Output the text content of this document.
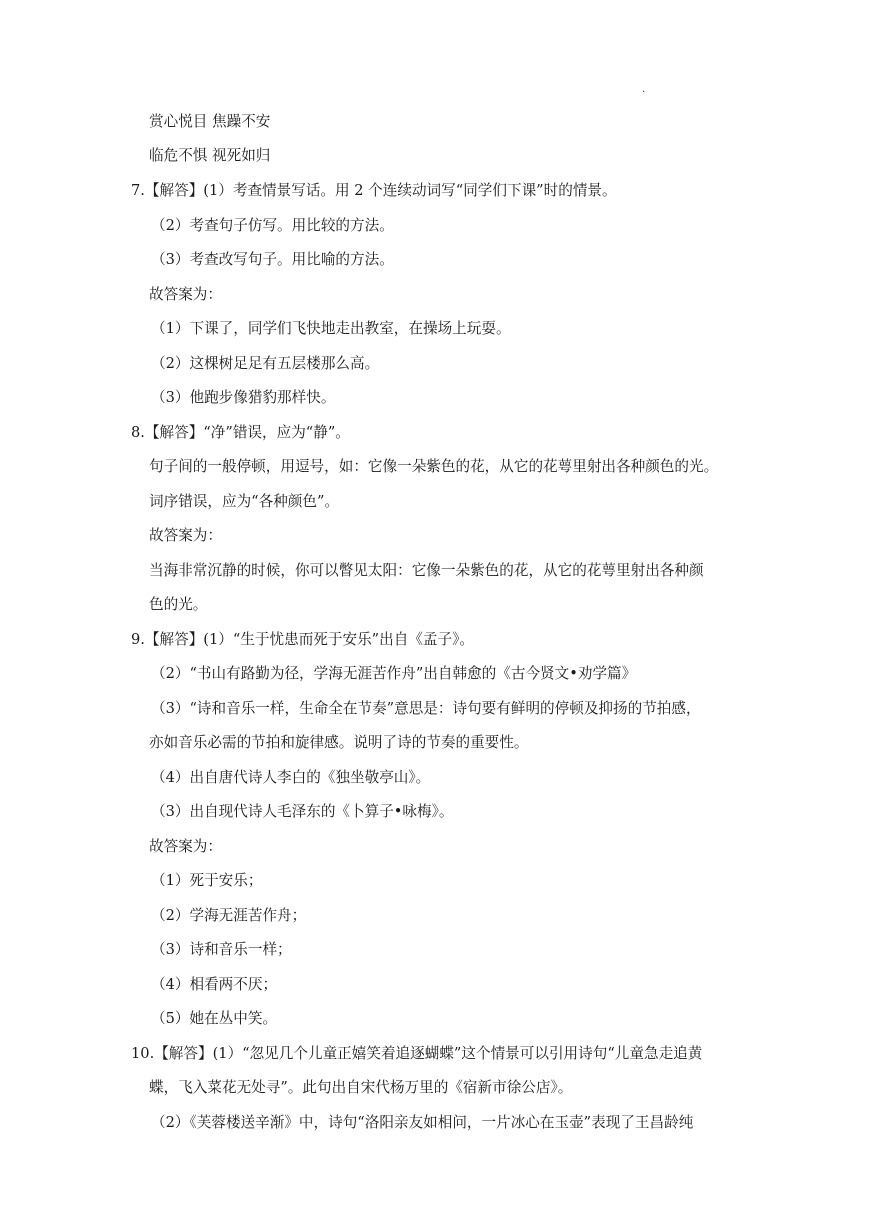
.
赏心悦目 焦躁不安
临危不惧 视死如归
7.【解答】(1）考查情景写话。用 2 个连续动词写“同学们下课”时的情景。
（2）考查句子仿写。用比较的方法。
（3）考查改写句子。用比喻的方法。
故答案为：
（1）下课了，同学们飞快地走出教室，在操场上玩耍。
（2）这棵树足足有五层楼那么高。
（3）他跑步像猎豹那样快。
8.【解答】“净”错误，应为“静”。
句子间的一般停顿，用逗号，如：它像一朵紫色的花，从它的花萼里射出各种颜色的光。
词序错误，应为“各种颜色”。
故答案为：
当海非常沉静的时候，你可以瞥见太阳：它像一朵紫色的花，从它的花萼里射出各种颜
色的光。
9.【解答】(1）“生于忧患而死于安乐”出自《孟子》。
（2）“书山有路勤为径，学海无涯苦作舟”出自韩愈的《古今贤文•劝学篇》
（3）“诗和音乐一样，生命全在节奏”意思是：诗句要有鲜明的停顿及抑扬的节拍感，
亦如音乐必需的节拍和旋律感。说明了诗的节奏的重要性。
（4）出自唐代诗人李白的《独坐敬亭山》。
（3）出自现代诗人毛泽东的《卜算子•咏梅》。
故答案为：
（1）死于安乐；
（2）学海无涯苦作舟；
（3）诗和音乐一样；
（4）相看两不厌；
（5）她在丛中笑。
10.【解答】(1）“忽见几个儿童正嬉笑着追逐蝴蝶”这个情景可以引用诗句“儿童急走追黄
蝶，飞入菜花无处寻”。此句出自宋代杨万里的《宿新市徐公店》。
（2）《芙蓉楼送辛渐》中，诗句“洛阳亲友如相问，一片冰心在玉壶”表现了王昌龄纯
